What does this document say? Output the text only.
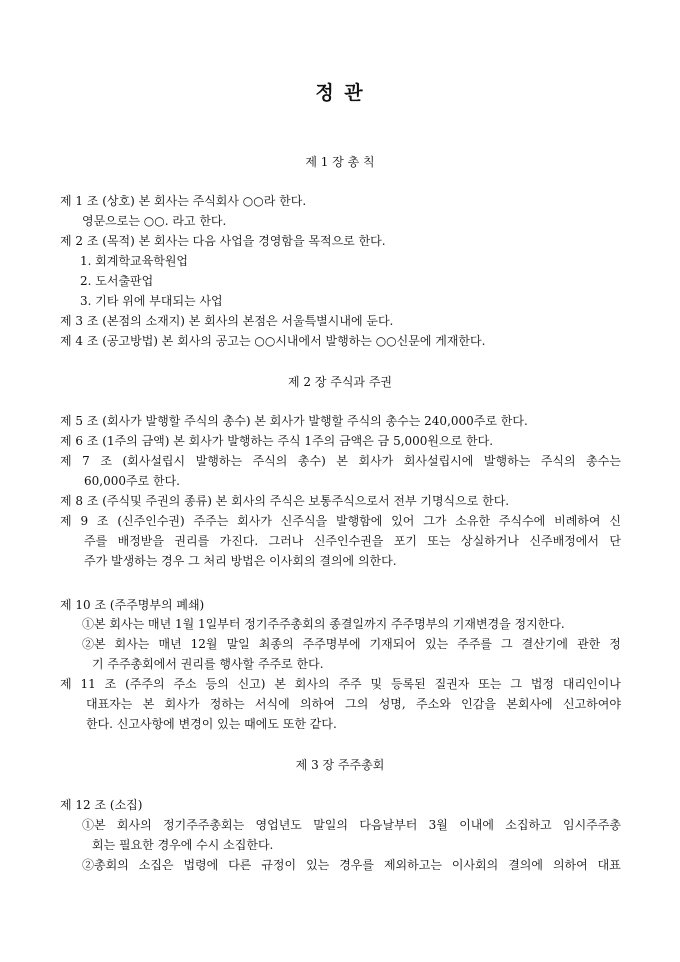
정 관
제 1 장 총 칙
제 1 조 (상호) 본 회사는 주식회사 ○○라 한다.
영문으로는 ○○. 라고 한다.
제 2 조 (목적) 본 회사는 다음 사업을 경영함을 목적으로 한다.
1. 회계학교육학원업
2. 도서출판업
3. 기타 위에 부대되는 사업
제 3 조 (본점의 소재지) 본 회사의 본점은 서울특별시내에 둔다.
제 4 조 (공고방법) 본 회사의 공고는 ○○시내에서 발행하는 ○○신문에 게재한다.
제 2 장 주식과 주권
제 5 조 (회사가 발행할 주식의 총수) 본 회사가 발행할 주식의 총수는 240,000주로 한다.
제 6 조 (1주의 금액) 본 회사가 발행하는 주식 1주의 금액은 금 5,000원으로 한다.
제 7 조 (회사설립시 발행하는 주식의 총수) 본 회사가 회사설립시에 발행하는 주식의 총수는
60,000주로 한다.
제 8 조 (주식및 주권의 종류) 본 회사의 주식은 보통주식으로서 전부 기명식으로 한다.
제 9 조 (신주인수권) 주주는 회사가 신주식을 발행함에 있어 그가 소유한 주식수에 비례하여 신
주를 배정받을 권리를 가진다. 그러나 신주인수권을 포기 또는 상실하거나 신주배정에서 단
주가 발생하는 경우 그 처리 방법은 이사회의 결의에 의한다.
제 10 조 (주주명부의 폐쇄)
①본 회사는 매년 1월 1일부터 정기주주총회의 종결일까지 주주명부의 기재변경을 정지한다.
②본 회사는 매년 12월 말일 최종의 주주명부에 기재되어 있는 주주를 그 결산기에 관한 정
기 주주총회에서 권리를 행사할 주주로 한다.
제 11 조 (주주의 주소 등의 신고) 본 회사의 주주 및 등록된 질권자 또는 그 법정 대리인이나
대표자는 본 회사가 정하는 서식에 의하여 그의 성명, 주소와 인감을 본회사에 신고하여야
한다. 신고사항에 변경이 있는 때에도 또한 같다.
제 3 장 주주총회
제 12 조 (소집)
①본 회사의 정기주주총회는 영업년도 말일의 다음날부터 3월 이내에 소집하고 임시주주총
회는 필요한 경우에 수시 소집한다.
②총회의 소집은 법령에 다른 규정이 있는 경우를 제외하고는 이사회의 결의에 의하여 대표
